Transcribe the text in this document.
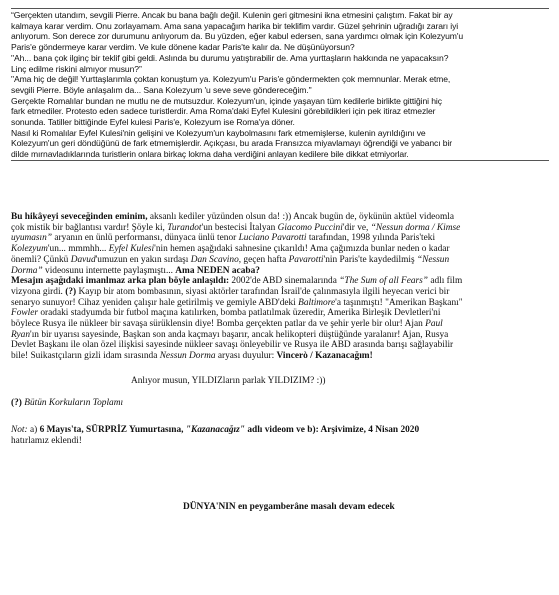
“Gerçekten utandım, sevgili Pierre. Ancak bu bana bağlı değil. Kulenin geri gitmesini ikna etmesini çalıştım. Fakat bir ay

kalmaya karar verdim. Onu zorlayamam. Ama sana yapacağım harika bir teklifim vardır. Güzel şehrinin uğradığı zararı iyi

anlıyorum. Son derece zor durumunu anlıyorum da. Bu yüzden, eğer kabul edersen, sana yardımcı olmak için Kolezyum'u

Paris'e göndermeye karar verdim. Ve kule dönene kadar Paris'te kalır da. Ne düşünüyorsun?

"Ah... bana çok ilginç bir teklif gibi geldi. Aslında bu durumu yatıştırabilir de. Ama yurttaşların hakkında ne yapacaksın?

Linç edilme riskini almıyor musun?”

"Ama hiç de değil! Yurttaşlarımla çoktan konuştum ya. Kolezyum'u Paris'e göndermekten çok memnunlar. Merak etme,

sevgili Pierre. Böyle anlaşalım da... Sana Kolezyum 'u seve seve göndereceğim."

Gerçekte Romalılar bundan ne mutlu ne de mutsuzdur. Kolezyum'un, içinde yaşayan tüm kedilerle birlikte gittiğini hiç

fark etmediler. Protesto eden sadece turistlerdir. Ama Roma'daki Eyfel Kulesini görebildikleri için pek itiraz etmezler

sonunda. Tatiller bittiğinde Eyfel kulesi Paris'e, Kolezyum ise Roma'ya döner.

Nasıl ki Romalılar Eyfel Kulesi'nin gelişini ve Kolezyum'un kaybolmasını fark etmemişlerse, kulenin ayrıldığını ve

Kolezyum'un geri döndüğünü de fark etmemişlerdir. Açıkçası, bu arada Fransızca miyavlamayı öğrendiği ve yabancı bir

dilde mırnavladıklarında turistlerin onlara birkaç lokma daha verdiğini anlayan kedilere bile dikkat etmiyorlar.

Bu hikâyeyi seveceğinden eminim, aksanlı kediler yüzünden olsun da! :)) Ancak bugün de, öykünün aktüel videomla

çok mistik bir bağlantısı vardır! Şöyle ki, Turandot'un bestecisi İtalyan Giacomo Puccini'dir ve, “Nessun dorma / Kimse

uyumasın” aryanın en ünlü performansı, dünyaca ünlü tenor Luciano Pavarotti tarafından, 1998 yılında Paris'teki

Kolezyum'un... mmmhh... Eyfel Kulesi'nin hemen aşağıdaki sahnesine çıkarıldı! Ama çağımızda bunlar neden o kadar

önemli? Çünkü Davud'umuzun en yakın sırdaşı Dan Scavino, geçen hafta Pavarotti'nin Paris'te kaydedilmiş “Nessun

Dorma” videosunu internette paylaşmıştı... Ama NEDEN acaba?

Mesajın aşağıdaki imanlmaz arka plan böyle anlaşıldı: 2002'de ABD sinemalarında “The Sum of all Fears” adlı film

vizyona girdi. (?) Kayıp bir atom bombasının, siyasi aktörler tarafından İsrail'de çalınmasıyla ilgili heyecan verici bir

senaryo sunuyor! Cihaz yeniden çalışır hale getirilmiş ve gemiyle ABD'deki Baltimore'a taşınmıştı! "Amerikan Başkanı"

Fowler oradaki stadyumda bir futbol maçına katılırken, bomba patlatılmak üzeredir, Amerika Birleşik Devletleri'ni

böylece Rusya ile nükleer bir savaşa sürüklensin diye! Bomba gerçekten patlar da ve şehir yerle bir olur! Ajan Paul

Ryan'ın bir uyarısı sayesinde, Başkan son anda kaçmayı başarır, ancak helikopteri düştüğünde yaralanır! Ajan, Rusya

Devlet Başkanı ile olan özel ilişkisi sayesinde nükleer savaşı önleyebilir ve Rusya ile ABD arasında barışı sağlayabilir

bile! Suikastçıların gizli idam sırasında Nessun Dorma aryası duyulur: Vincerò / Kazanacağım!

Anlıyor musun, YILDIZların parlak YILDIZIM? :))
(?) Bütün Korkuların Toplamı
Not: a) 6 Mayıs'ta, SÜRPRİZ Yumurtasına, "Kazanacağız" adlı videom ve b): Arşivimize, 4 Nisan 2020
hatırlamız eklendi!
DÜNYA'NIN en peygamberâne masalı devam edecek
